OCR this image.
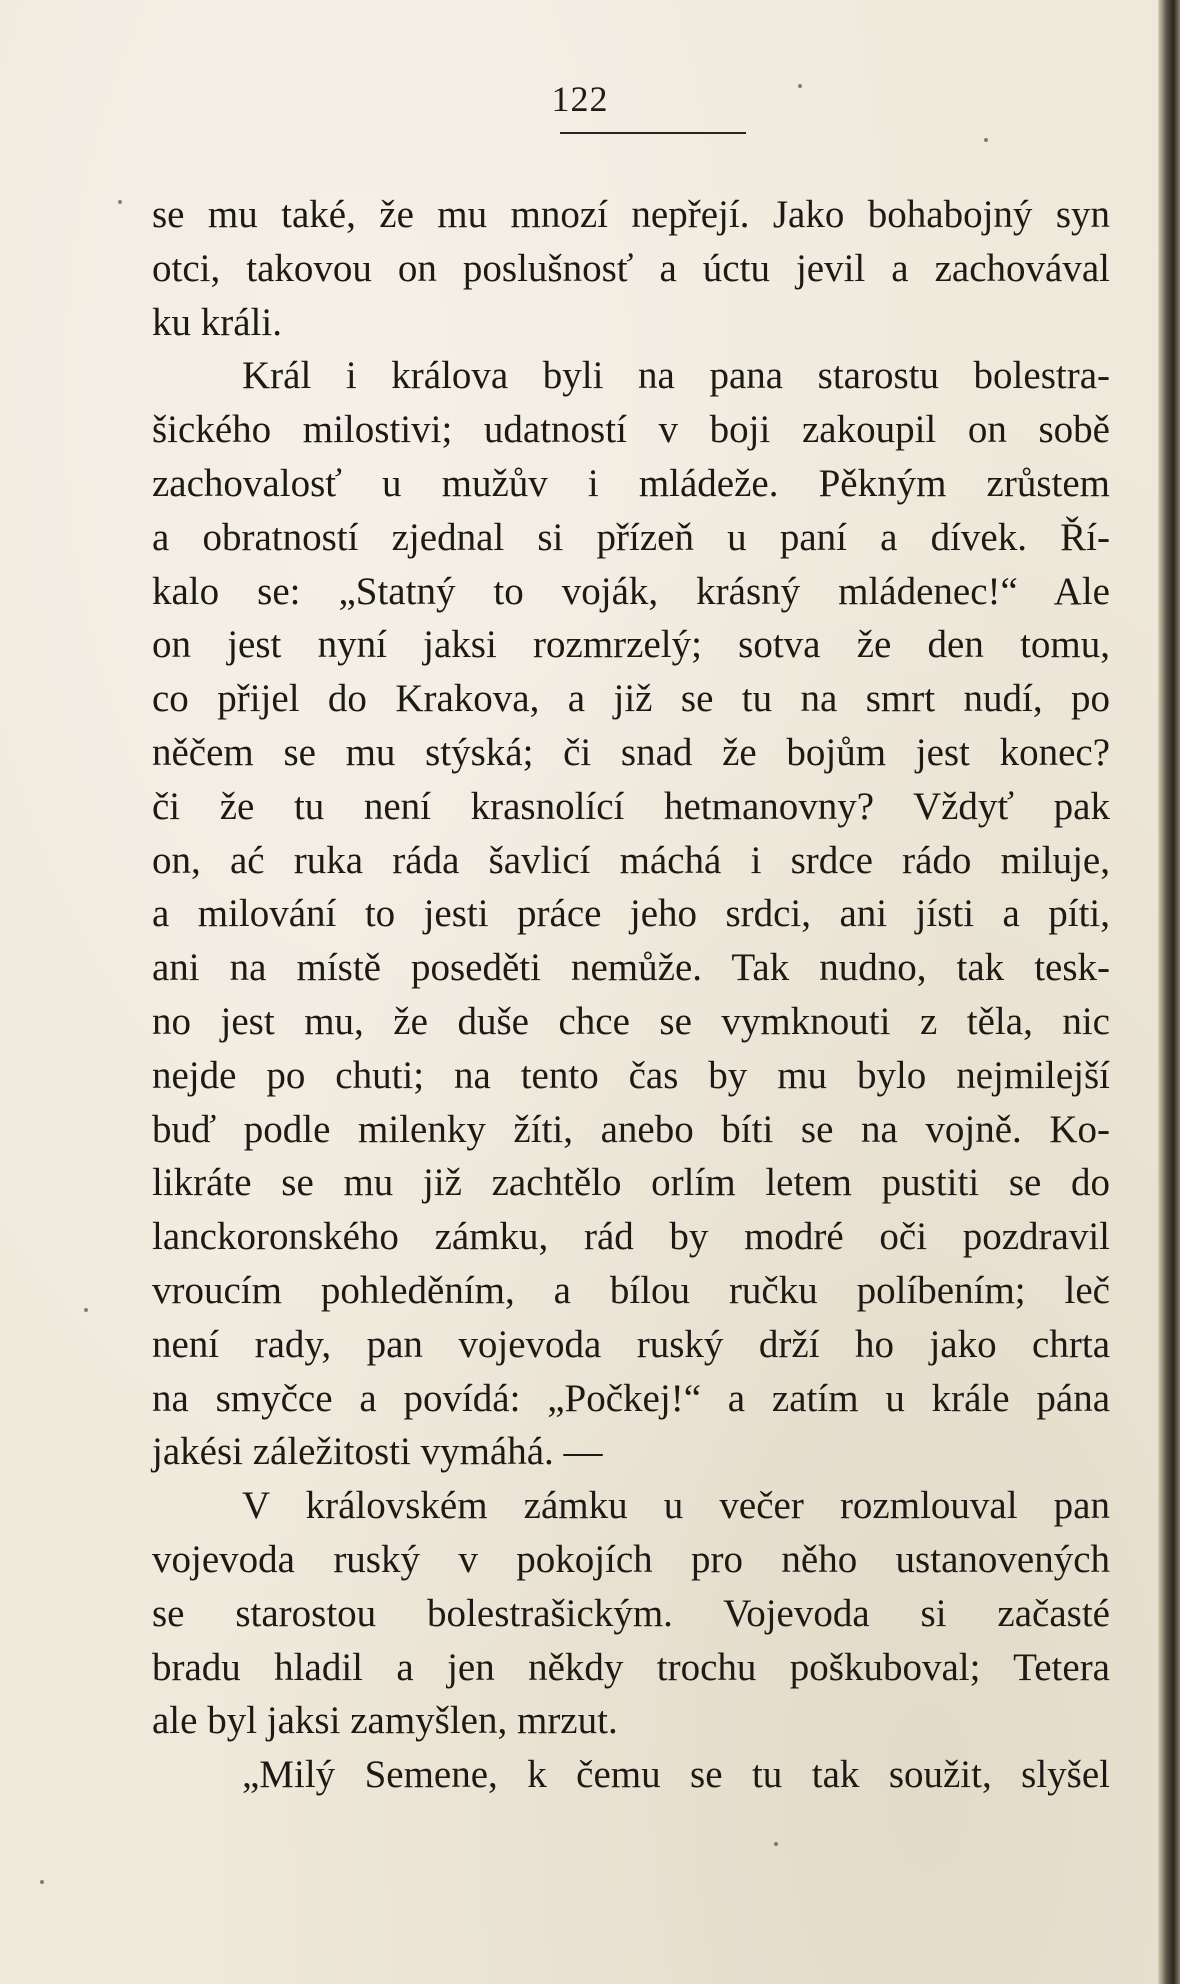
122
se mu také, že mu mnozí nepřejí. Jako bohabojný syn
otci, takovou on poslušnosť a úctu jevil a zachovával
ku králi.
Král i králova byli na pana starostu bolestra-
šického milostivi; udatností v boji zakoupil on sobě
zachovalosť u mužův i mládeže. Pěkným zrůstem
a obratností zjednal si přízeň u paní a dívek. Ří-
kalo se: „Statný to voják, krásný mládenec!“ Ale
on jest nyní jaksi rozmrzelý; sotva že den tomu,
co přijel do Krakova, a již se tu na smrt nudí, po
něčem se mu stýská; či snad že bojům jest konec?
či že tu není krasnolící hetmanovny? Vždyť pak
on, ać ruka ráda šavlicí máchá i srdce rádo miluje,
a milování to jesti práce jeho srdci, ani jísti a píti,
ani na místě poseděti nemůže. Tak nudno, tak tesk-
no jest mu, že duše chce se vymknouti z těla, nic
nejde po chuti; na tento čas by mu bylo nejmilejší
buď podle milenky žíti, anebo bíti se na vojně. Ko-
likráte se mu již zachtělo orlím letem pustiti se do
lanckoronského zámku, rád by modré oči pozdravil
vroucím pohleděním, a bílou ručku políbením; leč
není rady, pan vojevoda ruský drží ho jako chrta
na smyčce a povídá: „Počkej!“ a zatím u krále pána
jakési záležitosti vymáhá. —
V královském zámku u večer rozmlouval pan
vojevoda ruský v pokojích pro něho ustanovených
se starostou bolestrašickým. Vojevoda si začasté
bradu hladil a jen někdy trochu poškuboval; Tetera
ale byl jaksi zamyšlen, mrzut.
„Milý Semene, k čemu se tu tak soužit, slyšel
